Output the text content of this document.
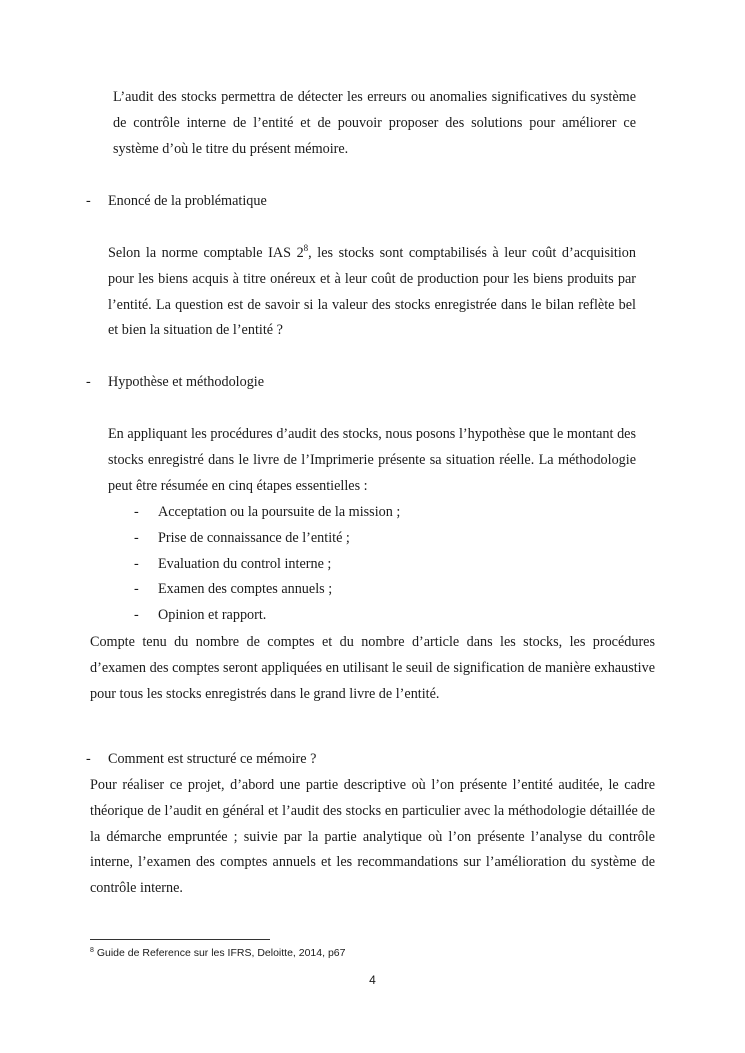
L’audit des stocks permettra de détecter les erreurs ou anomalies significatives du système de contrôle interne de l’entité et de pouvoir proposer des solutions pour améliorer ce système d’où le titre du présent mémoire.

- Enoncé de la problématique

Selon la norme comptable IAS $2^8$, les stocks sont comptabilisés à leur coût d’acquisition pour les biens acquis à titre onéreux et à leur coût de production pour les biens produits par l’entité. La question est de savoir si la valeur des stocks enregistrée dans le bilan reflète bel et bien la situation de l’entité ?

- Hypothèse et méthodologie

En appliquant les procédures d’audit des stocks, nous posons l’hypothèse que le montant des stocks enregistré dans le livre de l’Imprimerie présente sa situation réelle. La méthodologie peut être résumée en cinq étapes essentielles :

- Acceptation ou la poursuite de la mission ;
- Prise de connaissance de l’entité ;
- Evaluation du control interne ;
- Examen des comptes annuels ;
- Opinion et rapport.

Compte tenu du nombre de comptes et du nombre d’article dans les stocks, les procédures d’examen des comptes seront appliquées en utilisant le seuil de signification de manière exhaustive pour tous les stocks enregistrés dans le grand livre de l’entité.

- Comment est structuré ce mémoire ?

Pour réaliser ce projet, d’abord une partie descriptive où l’on présente l’entité auditée, le cadre théorique de l’audit en général et l’audit des stocks en particulier avec la méthodologie détaillée de la démarche empruntée ; suivie par la partie analytique où l’on présente l’analyse du contrôle interne, l’examen des comptes annuels et les recommandations sur l’amélioration du système de contrôle interne.

$^8$ Guide de Reference sur les IFRS, Deloitte, 2014, p67
4
